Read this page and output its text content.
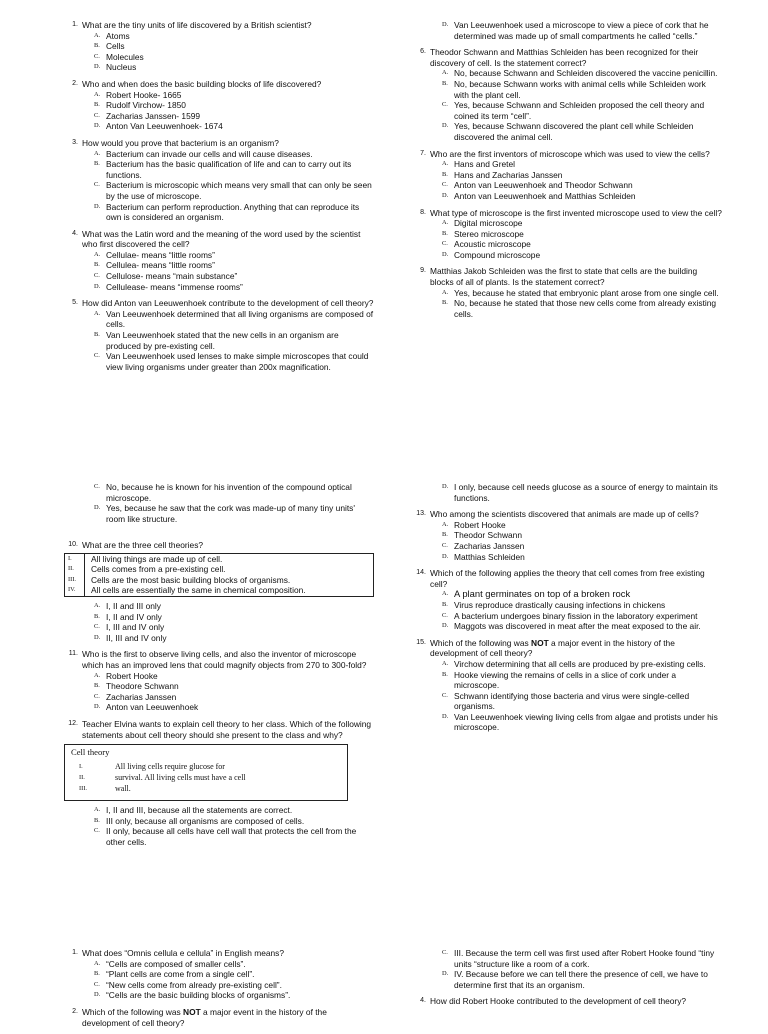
1. What are the tiny units of life discovered by a British scientist?
A. Atoms
B. Cells
C. Molecules
D. Nucleus
2. Who and when does the basic building blocks of life discovered?
A. Robert Hooke- 1665
B. Rudolf Virchow- 1850
C. Zacharias Janssen- 1599
D. Anton Van Leeuwenhoek- 1674
3. How would you prove that bacterium is an organism?
A. Bacterium can invade our cells and will cause diseases.
B. Bacterium has the basic qualification of life and can to carry out its functions.
C. Bacterium is microscopic which means very small that can only be seen by the use of microscope.
D. Bacterium can perform reproduction. Anything that can reproduce its own is considered an organism.
4. What was the Latin word and the meaning of the word used by the scientist who first discovered the cell?
A. Cellulae- means “little rooms”
B. Cellulea- means “little rooms”
C. Cellulose- means “main substance”
D. Cellulease- means “immense rooms”
5. How did Anton van Leeuwenhoek contribute to the development of cell theory?
A. Van Leeuwenhoek determined that all living organisms are composed of cells.
B. Van Leeuwenhoek stated that the new cells in an organism are produced by pre-existing cell.
C. Van Leeuwenhoek used lenses to make simple microscopes that could view living organisms under greater than 200x magnification.
D. Van Leeuwenhoek used a microscope to view a piece of cork that he determined was made up of small compartments he called “cells.”
6. Theodor Schwann and Matthias Schleiden has been recognized for their discovery of cell. Is the statement correct?
A. No, because Schwann and Schleiden discovered the vaccine penicillin.
B. No, because Schwann works with animal cells while Schleiden work with the plant cell.
C. Yes, because Schwann and Schleiden proposed the cell theory and coined its term “cell”.
D. Yes, because Schwann discovered the plant cell while Schleiden discovered the animal cell.
7. Who are the first inventors of microscope which was used to view the cells?
A. Hans and Gretel
B. Hans and Zacharias Janssen
C. Anton van Leeuwenhoek and Theodor Schwann
D. Anton van Leeuwenhoek and Matthias Schleiden
8. What type of microscope is the first invented microscope used to view the cell?
A. Digital microscope
B. Stereo microscope
C. Acoustic microscope
D. Compound microscope
9. Matthias Jakob Schleiden was the first to state that cells are the building blocks of all of plants. Is the statement correct?
A. Yes, because he stated that embryonic plant arose from one single cell.
B. No, because he stated that those new cells come from already existing cells.
C. No, because he is known for his invention of the compound optical microscope.
D. Yes, because he saw that the cork was made-up of many tiny units' room like structure.
10. What are the three cell theories?
I.	All living things are made up of cell.
II.	Cells comes from a pre-existing cell.
III.	Cells are the most basic building blocks of organisms.
IV.	All cells are essentially the same in chemical composition.
A. I, II and III only
B. I, II and IV only
C. I, III and IV only
D. II, III and IV only
11. Who is the first to observe living cells, and also the inventor of microscope which has an improved lens that could magnify objects from 270 to 300-fold?
A. Robert Hooke
B. Theodore Schwann
C. Zacharias Janssen
D. Anton van Leeuwenhoek
12. Teacher Elvina wants to explain cell theory to her class. Which of the following statements about cell theory should she present to the class and why?
Cell theory
I.	All living cells require glucose for
II.	survival. All living cells must have a cell
III.	wall.
A. I, II and III, because all the statements are correct.
B. III only, because all organisms are composed of cells.
C. II only, because all cells have cell wall that protects the cell from the other cells.
D. I only, because cell needs glucose as a source of energy to maintain its functions.
13. Who among the scientists discovered that animals are made up of cells?
A. Robert Hooke
B. Theodor Schwann
C. Zacharias Janssen
D. Matthias Schleiden
14. Which of the following applies the theory that cell comes from free existing cell?
A. A plant germinates on top of a broken rock
B. Virus reproduce drastically causing infections in chickens
C. A bacterium undergoes binary fission in the laboratory experiment
D. Maggots was discovered in meat after the meat exposed to the air.
15. Which of the following was NOT a major event in the history of the development of cell theory?
A. Virchow determining that all cells are produced by pre-existing cells.
B. Hooke viewing the remains of cells in a slice of cork under a microscope.
C. Schwann identifying those bacteria and virus were single-celled organisms.
D. Van Leeuwenhoek viewing living cells from algae and protists under his microscope.
1. What does “Omnis cellula e cellula” in English means?
A. “Cells are composed of smaller cells”.
B. “Plant cells are come from a single cell”.
C. “New cells come from already pre-existing cell”.
D. “Cells are the basic building blocks of organisms”.
2. Which of the following was NOT a major event in the history of the development of cell theory?
C. III. Because the term cell was first used after Robert Hooke found “tiny units “structure like a room of a cork.
D. IV. Because before we can tell there the presence of cell, we have to determine first that its an organism.
4. How did Robert Hooke contributed to the development of cell theory?
